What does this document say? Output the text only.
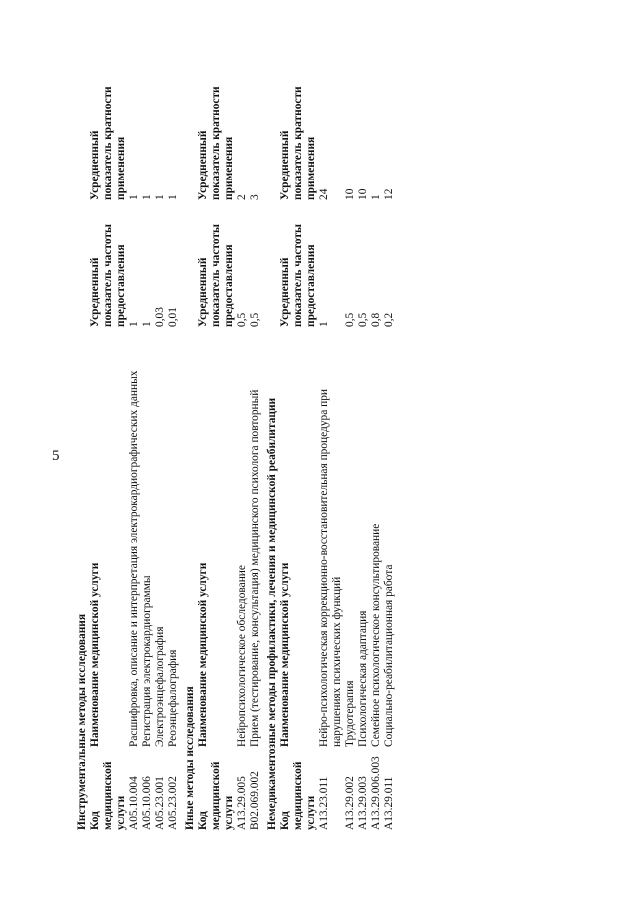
5
Инструментальные методы исследования Код медицинской услуги
Наименование медицинской услуги
Усредненный показатель частоты предоставления
Усредненный показатель кратности применения
A05.10.004
Расшифровка, описание и интерпретация электрокардиографических данных
1
1
A05.10.006
Регистрация электрокардиограммы
1
1
A05.23.001
Электроэнцефалография
0,03
1
A05.23.002
Реоэнцефалография
0,01
1
Иные методы исследования Код медицинской услуги
Наименование медицинской услуги
Усредненный показатель частоты предоставления
Усредненный показатель кратности применения
A13.29.005
Нейропсихологическое обследование
0,5
2
B02.069.002
Прием (тестирование, консультация) медицинского психолога повторный
0,5
3
Немедикаментозные методы профилактики, лечения и медицинской реабилитации Код медицинской услуги
Наименование медицинской услуги
Усредненный показатель частоты предоставления
Усредненный показатель кратности применения
A13.23.011
Нейро-психологическая коррекционно-восстановительная процедура при нарушениях психических функций
1
24
A13.29.002
Трудотерапия
0,5
10
A13.29.003
Психологическая адаптация
0,5
10
A13.29.006.003
Семейное психологическое консультирование
0,8
1
A13.29.011
Социально-реабилитационная работа
0,2
12
